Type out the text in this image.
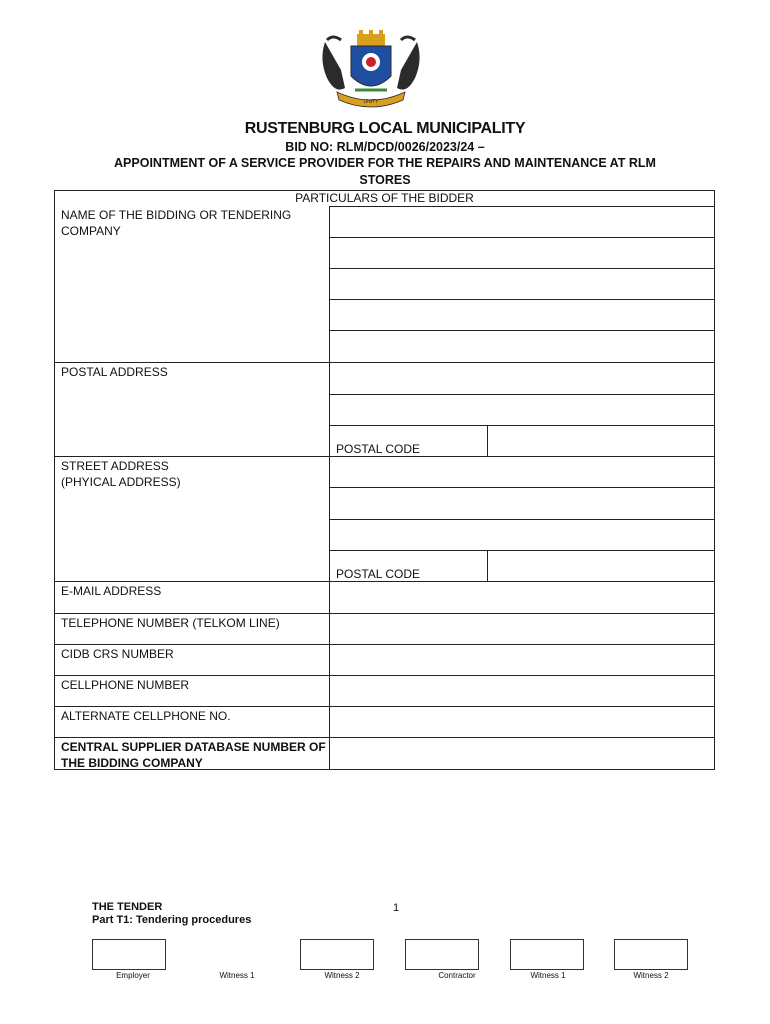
UNITY
RUSTENBURG LOCAL MUNICIPALITY
BID NO: RLM/DCD/0026/2023/24 –
APPOINTMENT OF A SERVICE PROVIDER FOR THE REPAIRS AND MAINTENANCE AT RLM
STORES
PARTICULARS OF THE BIDDER
NAME OF THE BIDDING OR TENDERING COMPANY
POSTAL ADDRESS
POSTAL CODE
STREET ADDRESS
(PHYICAL ADDRESS)
POSTAL CODE
E-MAIL ADDRESS
TELEPHONE NUMBER (TELKOM LINE)
CIDB CRS NUMBER
CELLPHONE NUMBER
ALTERNATE CELLPHONE NO.
CENTRAL SUPPLIER DATABASE NUMBER OF THE BIDDING COMPANY
THE TENDER
Part T1: Tendering procedures
1
Employer	Witness 1	Witness 2	Contractor	Witness 1	Witness 2
